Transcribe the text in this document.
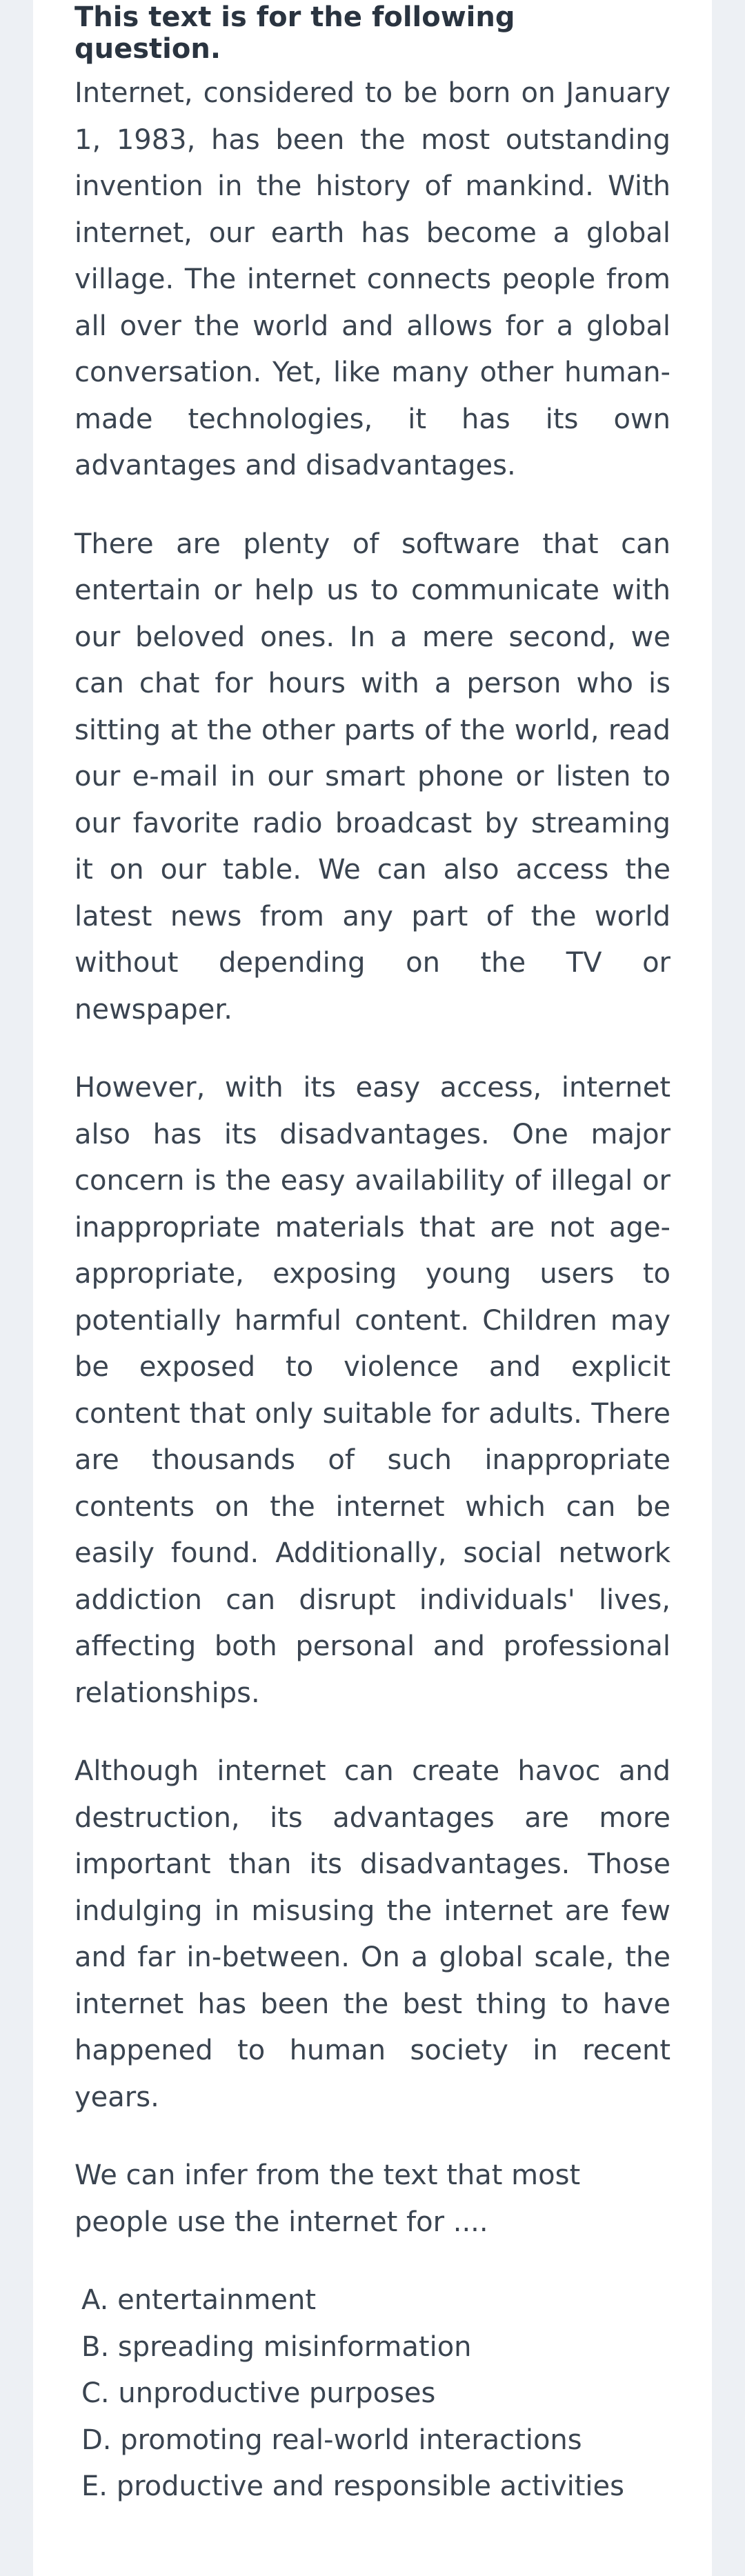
This text is for the following question.

Internet, considered to be born on January 1, 1983, has been the most outstanding invention in the history of mankind. With internet, our earth has become a global village. The internet connects people from all over the world and allows for a global conversation. Yet, like many other human-made technologies, it has its own advantages and disadvantages.

There are plenty of software that can entertain or help us to communicate with our beloved ones. In a mere second, we can chat for hours with a person who is sitting at the other parts of the world, read our e-mail in our smart phone or listen to our favorite radio broadcast by streaming it on our table. We can also access the latest news from any part of the world without depending on the TV or newspaper.

However, with its easy access, internet also has its disadvantages. One major concern is the easy availability of illegal or inappropriate materials that are not age-appropriate, exposing young users to potentially harmful content. Children may be exposed to violence and explicit content that only suitable for adults. There are thousands of such inappropriate contents on the internet which can be easily found. Additionally, social network addiction can disrupt individuals' lives, affecting both personal and professional relationships.

Although internet can create havoc and destruction, its advantages are more important than its disadvantages. Those indulging in misusing the internet are few and far in-between. On a global scale, the internet has been the best thing to have happened to human society in recent years.

We can infer from the text that most people use the internet for ....

A. entertainment
B. spreading misinformation
C. unproductive purposes
D. promoting real-world interactions
E. productive and responsible activities
